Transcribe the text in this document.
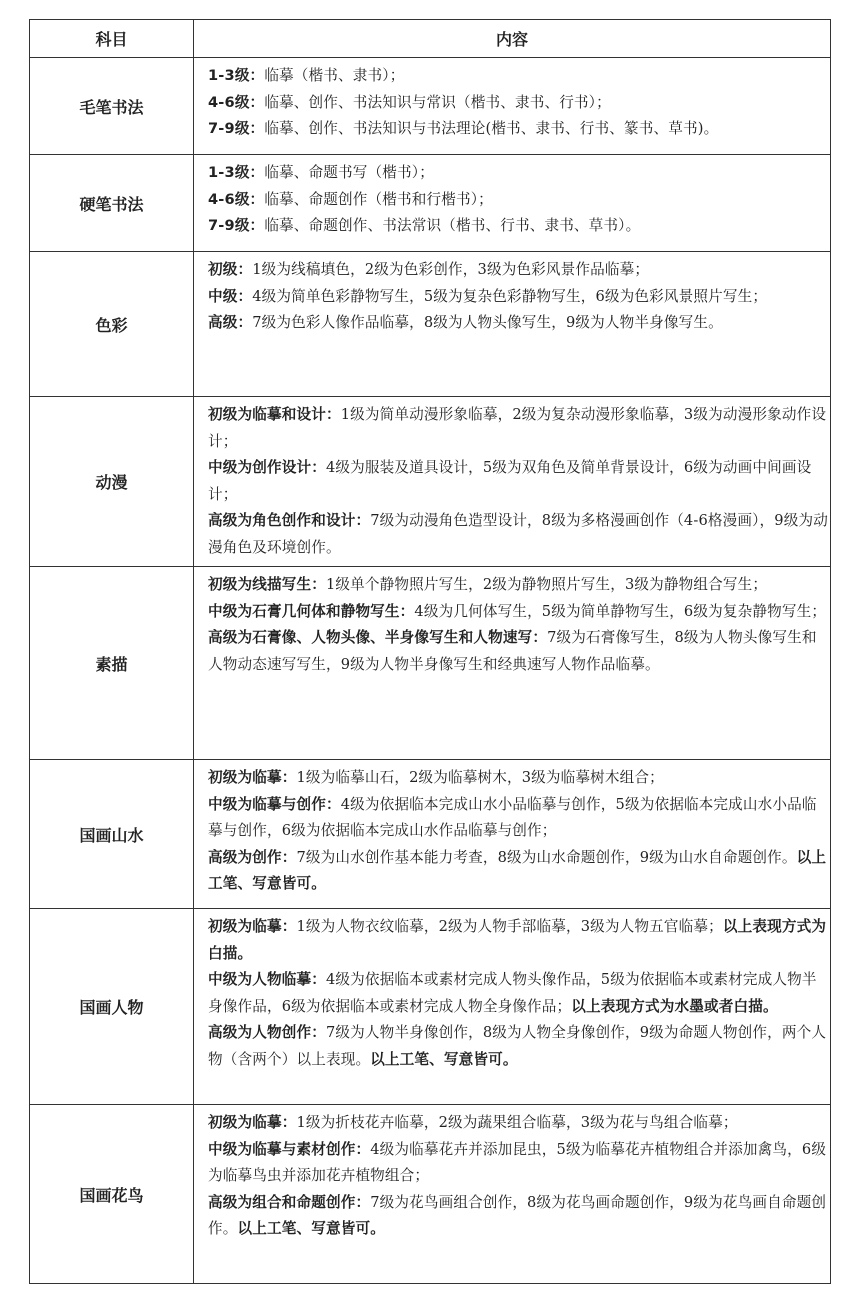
科目	内容
毛笔书法	1-3级：临摹（楷书、隶书）；

4-6级：临摹、创作、书法知识与常识（楷书、隶书、行书）；

7-9级：临摹、创作、书法知识与书法理论(楷书、隶书、行书、篆书、草书)。

硬笔书法	1-3级：临摹、命题书写（楷书）；

4-6级：临摹、命题创作（楷书和行楷书）；

7-9级：临摹、命题创作、书法常识（楷书、行书、隶书、草书）。

色彩	初级：1级为线稿填色，2级为色彩创作，3级为色彩风景作品临摹；

中级：4级为简单色彩静物写生，5级为复杂色彩静物写生，6级为色彩风景照片写生；

高级：7级为色彩人像作品临摹，8级为人物头像写生，9级为人物半身像写生。

动漫	初级为临摹和设计：1级为简单动漫形象临摹，2级为复杂动漫形象临摹，3级为动漫形象动作设计；

中级为创作设计：4级为服装及道具设计，5级为双角色及简单背景设计，6级为动画中间画设计；

高级为角色创作和设计：7级为动漫角色造型设计，8级为多格漫画创作（4-6格漫画），9级为动漫角色及环境创作。

素描	初级为线描写生：1级单个静物照片写生，2级为静物照片写生，3级为静物组合写生；

中级为石膏几何体和静物写生：4级为几何体写生，5级为简单静物写生，6级为复杂静物写生；

高级为石膏像、人物头像、半身像写生和人物速写：7级为石膏像写生，8级为人物头像写生和人物动态速写写生，9级为人物半身像写生和经典速写人物作品临摹。

国画山水	初级为临摹：1级为临摹山石，2级为临摹树木，3级为临摹树木组合；

中级为临摹与创作：4级为依据临本完成山水小品临摹与创作，5级为依据临本完成山水小品临摹与创作，6级为依据临本完成山水作品临摹与创作；

高级为创作：7级为山水创作基本能力考查，8级为山水命题创作，9级为山水自命题创作。以上工笔、写意皆可。

国画人物	初级为临摹：1级为人物衣纹临摹，2级为人物手部临摹，3级为人物五官临摹；以上表现方式为白描。

中级为人物临摹：4级为依据临本或素材完成人物头像作品，5级为依据临本或素材完成人物半身像作品，6级为依据临本或素材完成人物全身像作品；以上表现方式为水墨或者白描。

高级为人物创作：7级为人物半身像创作，8级为人物全身像创作，9级为命题人物创作，两个人物（含两个）以上表现。以上工笔、写意皆可。

国画花鸟	初级为临摹：1级为折枝花卉临摹，2级为蔬果组合临摹，3级为花与鸟组合临摹；

中级为临摹与素材创作：4级为临摹花卉并添加昆虫，5级为临摹花卉植物组合并添加禽鸟，6级为临摹鸟虫并添加花卉植物组合；

高级为组合和命题创作：7级为花鸟画组合创作，8级为花鸟画命题创作，9级为花鸟画自命题创作。以上工笔、写意皆可。
